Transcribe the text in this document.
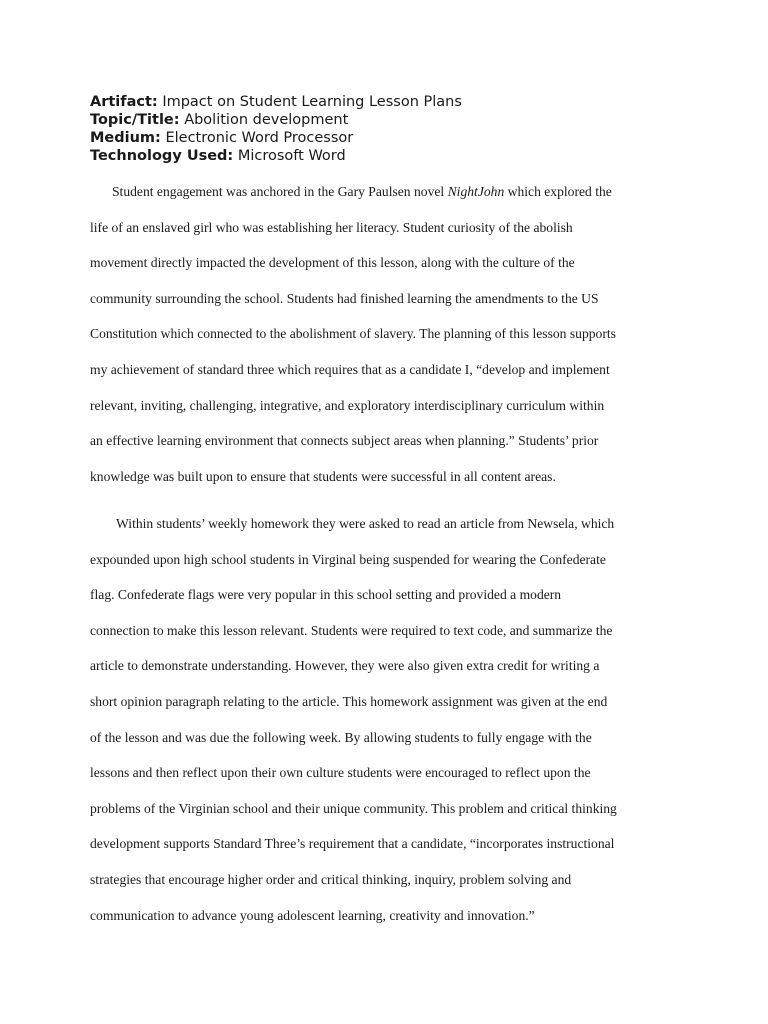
Artifact: Impact on Student Learning Lesson Plans
Topic/Title: Abolition development
Medium: Electronic Word Processor
Technology Used: Microsoft Word
Student engagement was anchored in the Gary Paulsen novel NightJohn which explored the
life of an enslaved girl who was establishing her literacy. Student curiosity of the abolish
movement directly impacted the development of this lesson, along with the culture of the
community surrounding the school. Students had finished learning the amendments to the US
Constitution which connected to the abolishment of slavery. The planning of this lesson supports
my achievement of standard three which requires that as a candidate I, “develop and implement
relevant, inviting, challenging, integrative, and exploratory interdisciplinary curriculum within
an effective learning environment that connects subject areas when planning.” Students’ prior
knowledge was built upon to ensure that students were successful in all content areas.
Within students’ weekly homework they were asked to read an article from Newsela, which
expounded upon high school students in Virginal being suspended for wearing the Confederate
flag. Confederate flags were very popular in this school setting and provided a modern
connection to make this lesson relevant. Students were required to text code, and summarize the
article to demonstrate understanding. However, they were also given extra credit for writing a
short opinion paragraph relating to the article. This homework assignment was given at the end
of the lesson and was due the following week. By allowing students to fully engage with the
lessons and then reflect upon their own culture students were encouraged to reflect upon the
problems of the Virginian school and their unique community. This problem and critical thinking
development supports Standard Three’s requirement that a candidate, “incorporates instructional
strategies that encourage higher order and critical thinking, inquiry, problem solving and
communication to advance young adolescent learning, creativity and innovation.”
